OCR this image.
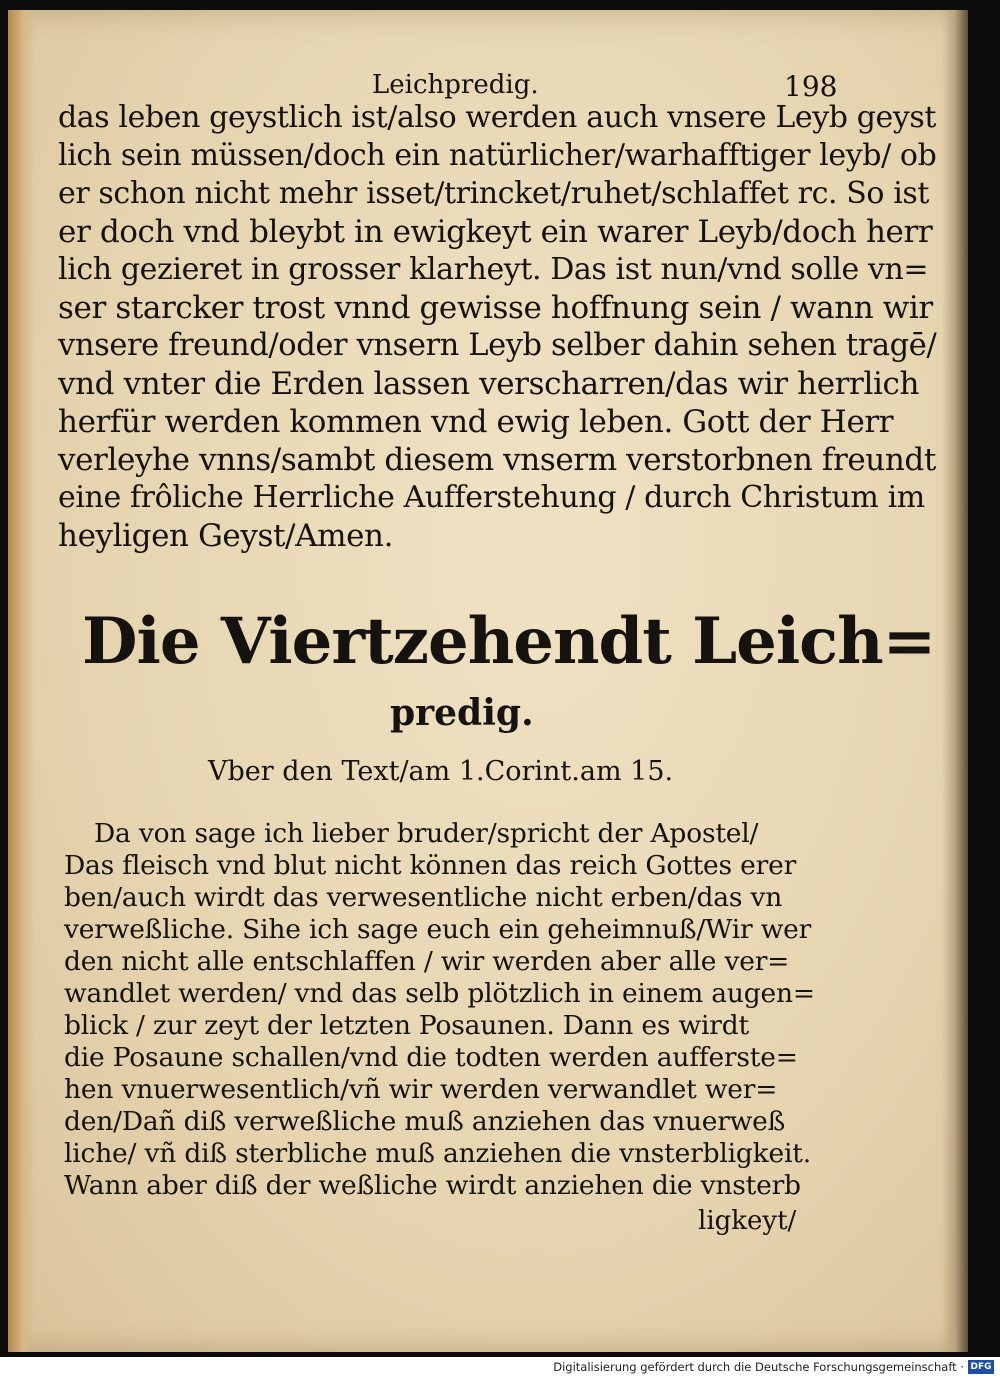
Leichpredig.	198

das leben geystlich ist/also werden auch vnsere Leyb geyst

lich sein müssen/doch ein natürlicher/warhafftiger leyb/ ob

er schon nicht mehr isset/trincket/ruhet/schlaffet rc. So ist

er doch vnd bleybt in ewigkeyt ein warer Leyb/doch herr

lich gezieret in grosser klarheyt. Das ist nun/vnd solle vn=

ser starcker trost vnnd gewisse hoffnung sein / wann wir

vnsere freund/oder vnsern Leyb selber dahin sehen tragē/

vnd vnter die Erden lassen verscharren/das wir herrlich

herfür werden kommen vnd ewig leben. Gott der Herr

verleyhe vnns/sambt diesem vnserm verstorbnen freundt

eine frôliche Herrliche Aufferstehung / durch Christum im

heyligen Geyst/Amen.

Die Viertzehendt Leich=

predig.

Vber den Text/am 1.Corint.am 15.

Da von sage ich lieber bruder/spricht der Apostel/

Das fleisch vnd blut nicht können das reich Gottes erer

ben/auch wirdt das verwesentliche nicht erben/das vn

verweßliche. Sihe ich sage euch ein geheimnuß/Wir wer

den nicht alle entschlaffen / wir werden aber alle ver=

wandlet werden/ vnd das selb plötzlich in einem augen=

blick / zur zeyt der letzten Posaunen. Dann es wirdt

die Posaune schallen/vnd die todten werden aufferste=

hen vnuerwesentlich/vñ wir werden verwandlet wer=

den/Dañ diß verweßliche muß anziehen das vnuerweß

liche/ vñ diß sterbliche muß anziehen die vnsterbligkeit.

Wann aber diß der weßliche wirdt anziehen die vnsterb

ligkeyt/

Digitalisierung gefördert durch die Deutsche Forschungsgemeinschaft · DFG
